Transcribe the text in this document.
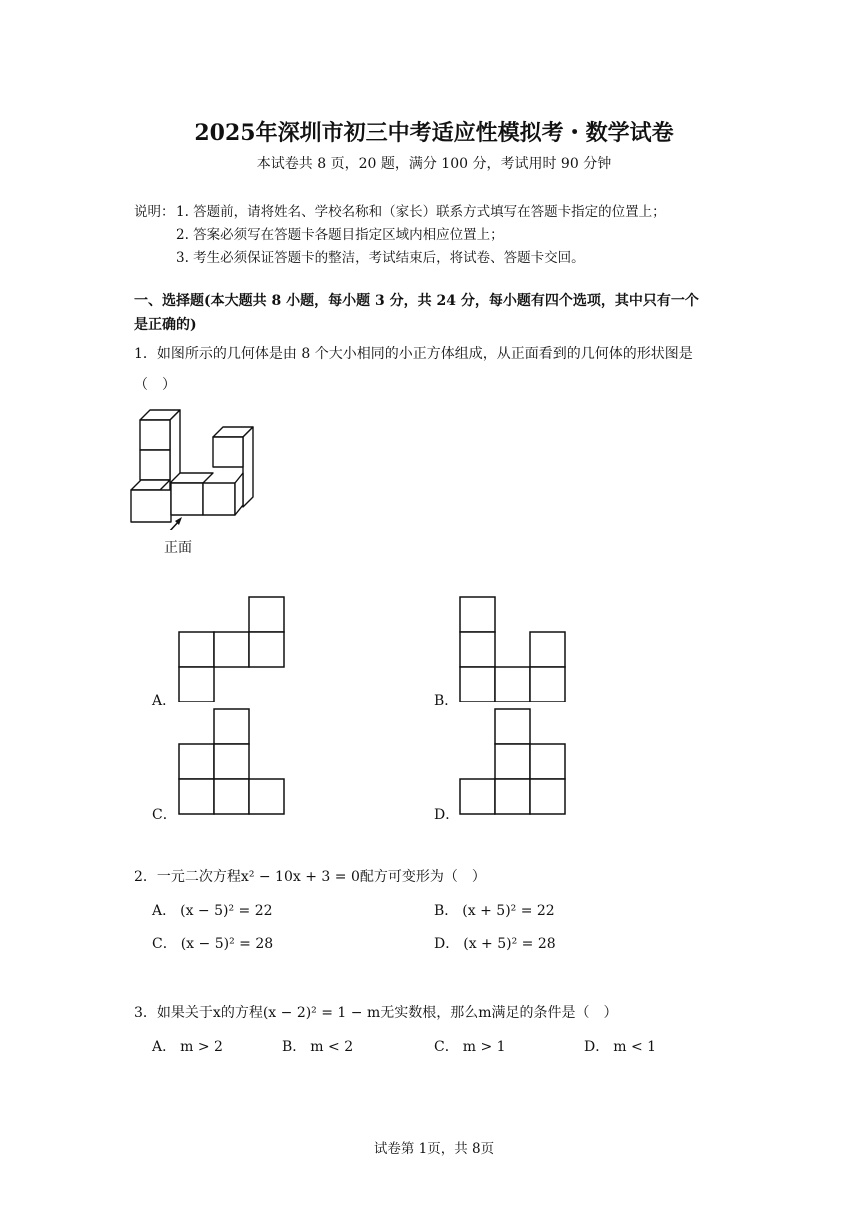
2025年深圳市初三中考适应性模拟考・数学试卷
本试卷共 8 页，20 题，满分 100 分，考试用时 90 分钟
说明： 1. 答题前，请将姓名、学校名称和（家长）联系方式填写在答题卡指定的位置上；
2. 答案必须写在答题卡各题目指定区域内相应位置上；
3. 考生必须保证答题卡的整洁，考试结束后，将试卷、答题卡交回。
一、选择题(本大题共 8 小题，每小题 3 分，共 24 分，每小题有四个选项，其中只有一个
是正确的)
1．如图所示的几何体是由 8 个大小相同的小正方体组成，从正面看到的几何体的形状图是
（　）
正面
A．	B．
C．	D．
2．一元二次方程x² − 10x + 3 = 0配方可变形为（　）
A． (x − 5)² = 22	B． (x + 5)² = 22
C． (x − 5)² = 28	D． (x + 5)² = 28
3．如果关于x的方程(x − 2)² = 1 − m无实数根，那么m满足的条件是（　）
A． m > 2	B． m < 2	C． m > 1	D． m < 1
试卷第 1页，共 8页
